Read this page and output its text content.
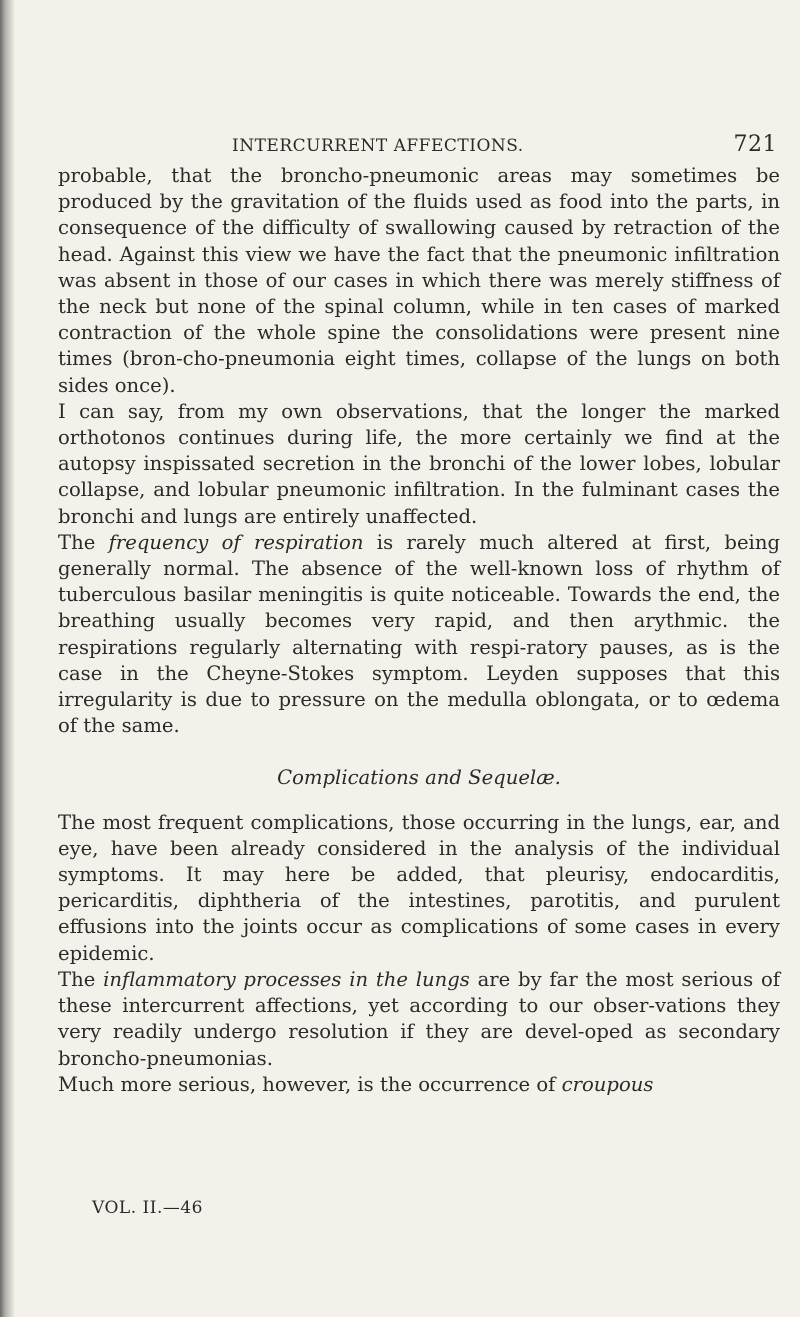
INTERCURRENT AFFECTIONS.	721

probable, that the broncho-pneumonic areas may sometimes be produced by the gravitation of the fluids used as food into the parts, in consequence of the difficulty of swallowing caused by retraction of the head. Against this view we have the fact that the pneumonic infiltration was absent in those of our cases in which there was merely stiffness of the neck but none of the spinal column, while in ten cases of marked contraction of the whole spine the consolidations were present nine times (bron-cho-pneumonia eight times, collapse of the lungs on both sides once).

I can say, from my own observations, that the longer the marked orthotonos continues during life, the more certainly we find at the autopsy inspissated secretion in the bronchi of the lower lobes, lobular collapse, and lobular pneumonic infiltration. In the fulminant cases the bronchi and lungs are entirely unaffected.

The frequency of respiration is rarely much altered at first, being generally normal. The absence of the well-known loss of rhythm of tuberculous basilar meningitis is quite noticeable. Towards the end, the breathing usually becomes very rapid, and then arythmic. the respirations regularly alternating with respi-ratory pauses, as is the case in the Cheyne-Stokes symptom. Leyden supposes that this irregularity is due to pressure on the medulla oblongata, or to œdema of the same.

Complications and Sequelæ.

The most frequent complications, those occurring in the lungs, ear, and eye, have been already considered in the analysis of the individual symptoms. It may here be added, that pleurisy, endocarditis, pericarditis, diphtheria of the intestines, parotitis, and purulent effusions into the joints occur as complications of some cases in every epidemic.

The inflammatory processes in the lungs are by far the most serious of these intercurrent affections, yet according to our obser-vations they very readily undergo resolution if they are devel-oped as secondary broncho-pneumonias.

Much more serious, however, is the occurrence of croupous

VOL. II.—46
